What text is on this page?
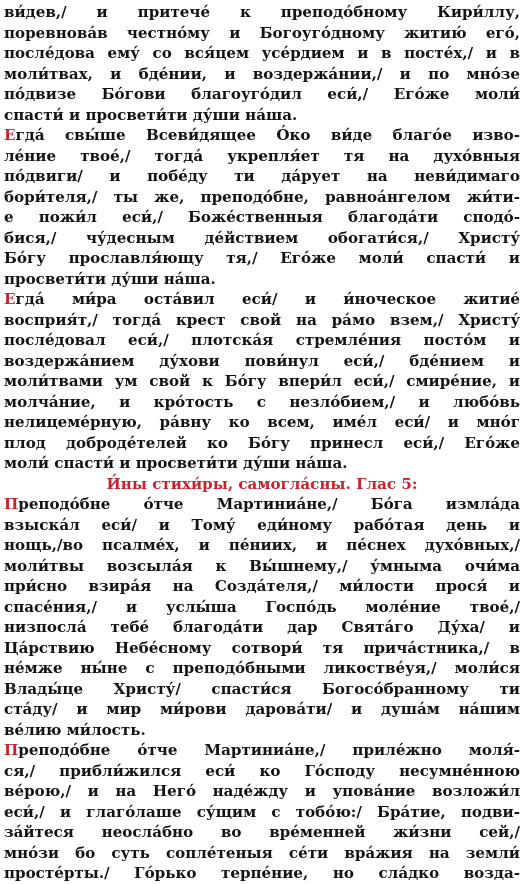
ви́дев,/ и притече́ к преподо́бному Кири́ллу,
поревнова́в честно́му и Богоуго́дному житию́ его́,
после́дова ему́ со вся́цем усе́рдием и в посте́х,/ и в
моли́твах, и бде́нии, и воздержа́нии,/ и по мно́зе
по́двизе Бо́гови благоуго́дил еси́,/ Его́же моли́
спасти́ и просвети́ти ду́ши на́ша.
Егда́ свы́ше Всеви́дящее О́ко ви́де благо́е изво-
ле́ние твое́,/ тогда́ укрепля́ет тя на духо́вныя
по́двиги/ и побе́ду ти да́рует на неви́димаго
бори́теля,/ ты же, преподо́бне, равноа́нгелом жи́ти-
е пожи́л еси́,/ Боже́ственныя благода́ти сподо́-
бися,/ чу́десным де́йствием обогати́ся,/ Христу́
Бо́гу прославля́ющу тя,/ Его́же моли́ спасти́ и
просвети́ти ду́ши на́ша.
Егда́ ми́ра оста́вил еси́/ и и́ноческое житие́
восприя́т,/ тогда́ крест свой на ра́мо взем,/ Христу́
после́довал еси́,/ плотска́я стремле́ния посто́м и
воздержа́нием ду́хови пови́нул еси́,/ бде́нием и
моли́твами ум свой к Бо́гу впери́л еси́,/ смире́ние, и
молча́ние, и кро́тость с незло́бием,/ и любо́вь
нелицеме́рную, ра́вну ко всем, име́л еси́/ и мно́г
плод доброде́телей ко Бо́гу принесл еси́,/ Его́же
моли́ спасти́ и просвети́ти ду́ши на́ша.
И́ны стихи́ры, самогла́сны. Глас 5:
Преподо́бне о́тче Мартиниа́не,/ Бо́га измла́да
взыска́л еси́/ и Тому́ еди́ному рабо́тая день и
нощь,/во псалме́х, и пе́ниих, и пе́снех духо́вных,/
моли́твы возсыла́я к Вы́шнему,/ у́мныма очи́ма
при́сно взира́я на Созда́теля,/ ми́лости прося́ и
спасе́ния,/ и услы́ша Госпо́дь моле́ние твое́,/
низпосла́ тебе́ благода́ти дар Свята́го Ду́ха/ и
Ца́рствию Небе́сному сотвори́ тя прича́стника,/ в
не́мже ны́не с преподо́бными ликостве́уя,/ моли́ся
Влады́це Христу́/ спасти́ся Богосо́бранному ти
ста́ду/ и мир ми́рови дарова́ти/ и душа́м на́шим
ве́лию ми́лость.
Преподо́бне о́тче Мартиниа́не,/ приле́жно моля́-
ся,/ прибли́жился еси́ ко Го́споду несумне́нною
ве́рою,/ и на Него́ наде́жду и упова́ние возложи́л
еси́,/ и глаго́лаше су́щим с тобо́ю:/ Бра́тие, подви-
за́йтеся неосла́бно во вре́менней жи́зни сей,/
мно́зи бо суть сопле́теныя се́ти вра́жия на земли́
просте́рты./ Го́рько терпе́ние, но сла́дко возда-
